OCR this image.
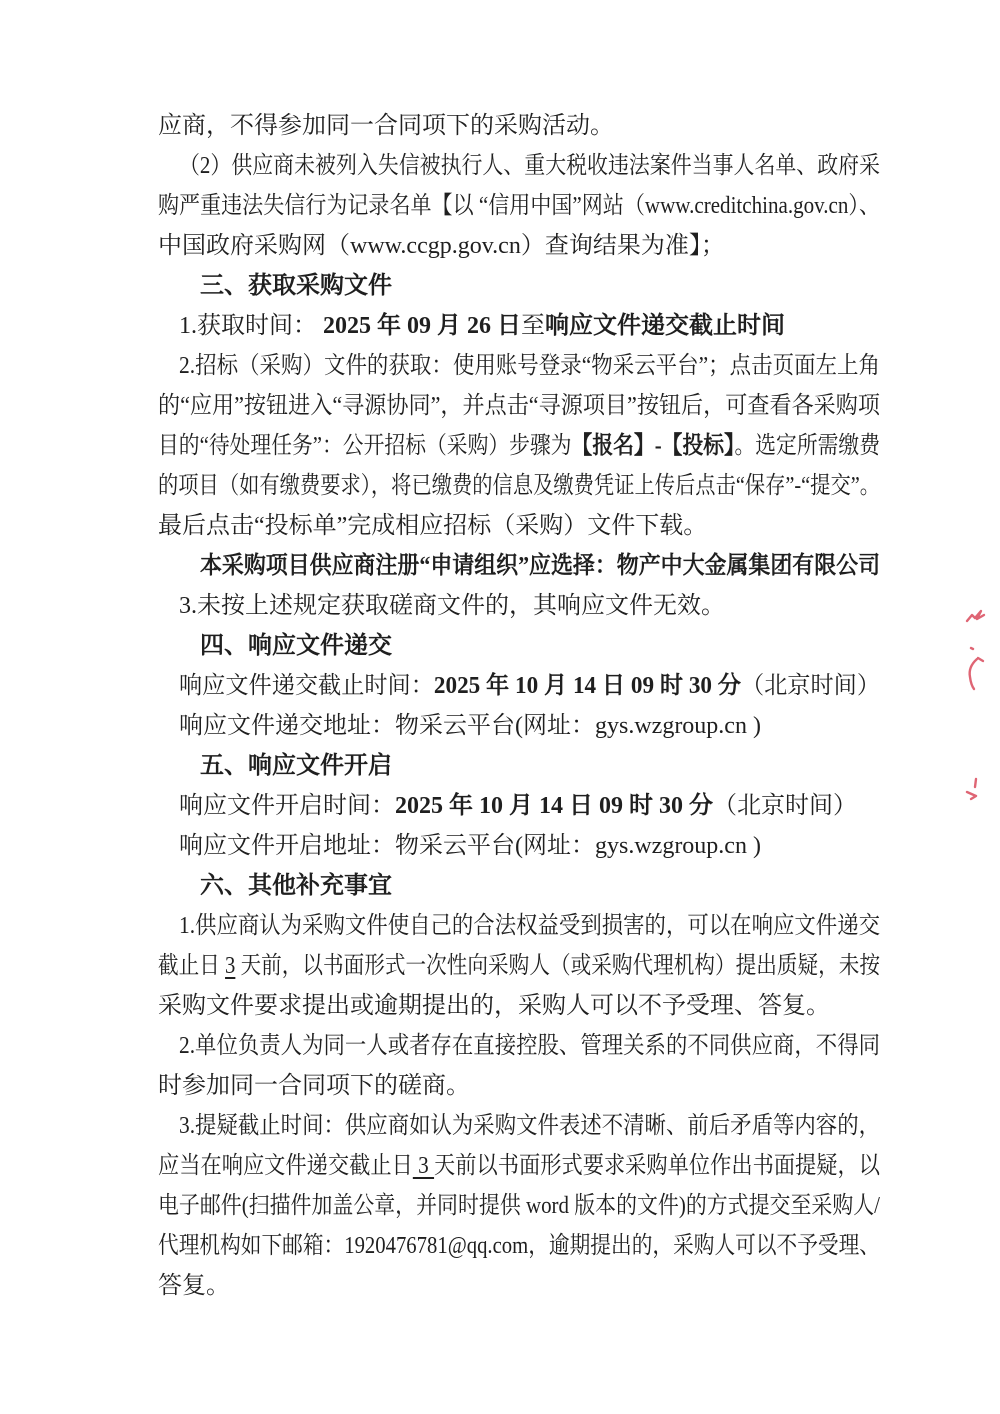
应商，不得参加同一合同项下的采购活动。
（2）供应商未被列入失信被执行人、重大税收违法案件当事人名单、政府采
购严重违法失信行为记录名单【以 “信用中国”网站（www.creditchina.gov.cn）、
中国政府采购网（www.ccgp.gov.cn）查询结果为准】；
三、获取采购文件
1.获取时间： 2025 年 09 月 26 日至响应文件递交截止时间
2.招标（采购）文件的获取：使用账号登录“物采云平台”；点击页面左上角
的“应用”按钮进入“寻源协同”，并点击“寻源项目”按钮后，可查看各采购项
目的“待处理任务”：公开招标（采购）步骤为【报名】-【投标】。选定所需缴费
的项目（如有缴费要求），将已缴费的信息及缴费凭证上传后点击“保存”-“提交”。
最后点击“投标单”完成相应招标（采购）文件下载。
本采购项目供应商注册“申请组织”应选择：物产中大金属集团有限公司
3.未按上述规定获取磋商文件的，其响应文件无效。
四、响应文件递交
响应文件递交截止时间：2025 年 10 月 14 日 09 时 30 分（北京时间）
响应文件递交地址：物采云平台(网址：gys.wzgroup.cn )
五、响应文件开启
响应文件开启时间：2025 年 10 月 14 日 09 时 30 分（北京时间）
响应文件开启地址：物采云平台(网址：gys.wzgroup.cn )
六、其他补充事宜
1.供应商认为采购文件使自己的合法权益受到损害的，可以在响应文件递交
截止日 3 天前，以书面形式一次性向采购人（或采购代理机构）提出质疑，未按
采购文件要求提出或逾期提出的，采购人可以不予受理、答复。
2.单位负责人为同一人或者存在直接控股、管理关系的不同供应商，不得同
时参加同一合同项下的磋商。
3.提疑截止时间：供应商如认为采购文件表述不清晰、前后矛盾等内容的，
应当在响应文件递交截止日 3 天前以书面形式要求采购单位作出书面提疑，以
电子邮件(扫描件加盖公章，并同时提供 word 版本的文件)的方式提交至采购人/
代理机构如下邮箱：1920476781@qq.com，逾期提出的，采购人可以不予受理、
答复。
